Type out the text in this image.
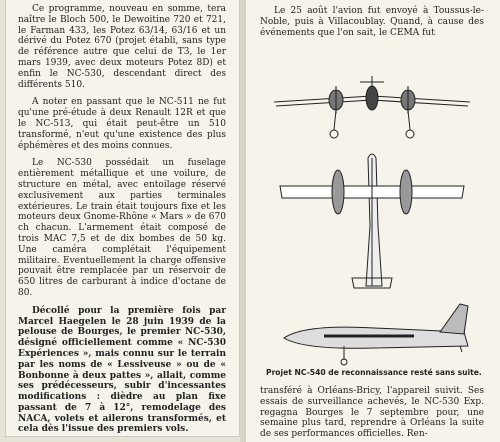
Ce programme, nouveau en somme, tera naître le Bloch 500, le Dewoitine 720 et 721, le Farman 433, les Potez 63/14, 63/16 et un dérivé du Potez 670 (projet établi, sans type de référence autre que celui de T3, le 1er mars 1939, avec deux moteurs Potez 8D) et enfin le NC-530, descendant direct des différents 510.

A noter en passant que le NC-511 ne fut qu'une pré-étude à deux Renault 12R et que le NC-513, qui était peut-être un 510 transformé, n'eut qu'une existence des plus éphémères et des moins connues.

Le NC-530 possédait un fuselage entièrement métallique et une voilure, de structure en métal, avec entoilage réservé exclusivement aux parties terminales extérieures. Le train était toujours fixe et les moteurs deux Gnome-Rhône « Mars » de 670 ch chacun. L'armement était composé de trois MAC 7,5 et de dix bombes de 50 kg. Une caméra complétait l'équipement militaire. Eventuellement la charge offensive pouvait être remplacée par un réservoir de 650 litres de carburant à indice d'octane de 80.

Décollé pour la première fois par Marcel Haegelen le 28 juin 1939 de la pelouse de Bourges, le premier NC-530, désigné officiellement comme « NC-530 Expériences », mais connu sur le terrain par les noms de « Lessiveuse » ou de « Bonbonne à deux pattes », allait, comme ses prédécesseurs, subir d'incessantes modifications : dièdre au plan fixe passant de 7 à 12°, remodelage des NACA, volets et ailerons transformés, et cela dès l'issue des premiers vols.

Le 25 août l'avion fut envoyé à Toussus-le-Noble, puis à Villacoublay. Quand, à cause des événements que l'on sait, le CEMA fut

Projet NC-540 de reconnaissance resté sans suite.

transféré à Orléans-Bricy, l'appareil suivit. Ses essais de surveillance achevés, le NC-530 Exp. regagna Bourges le 7 septembre pour, une semaine plus tard, reprendre à Orléans la suite de ses performances officielles. Ren-
